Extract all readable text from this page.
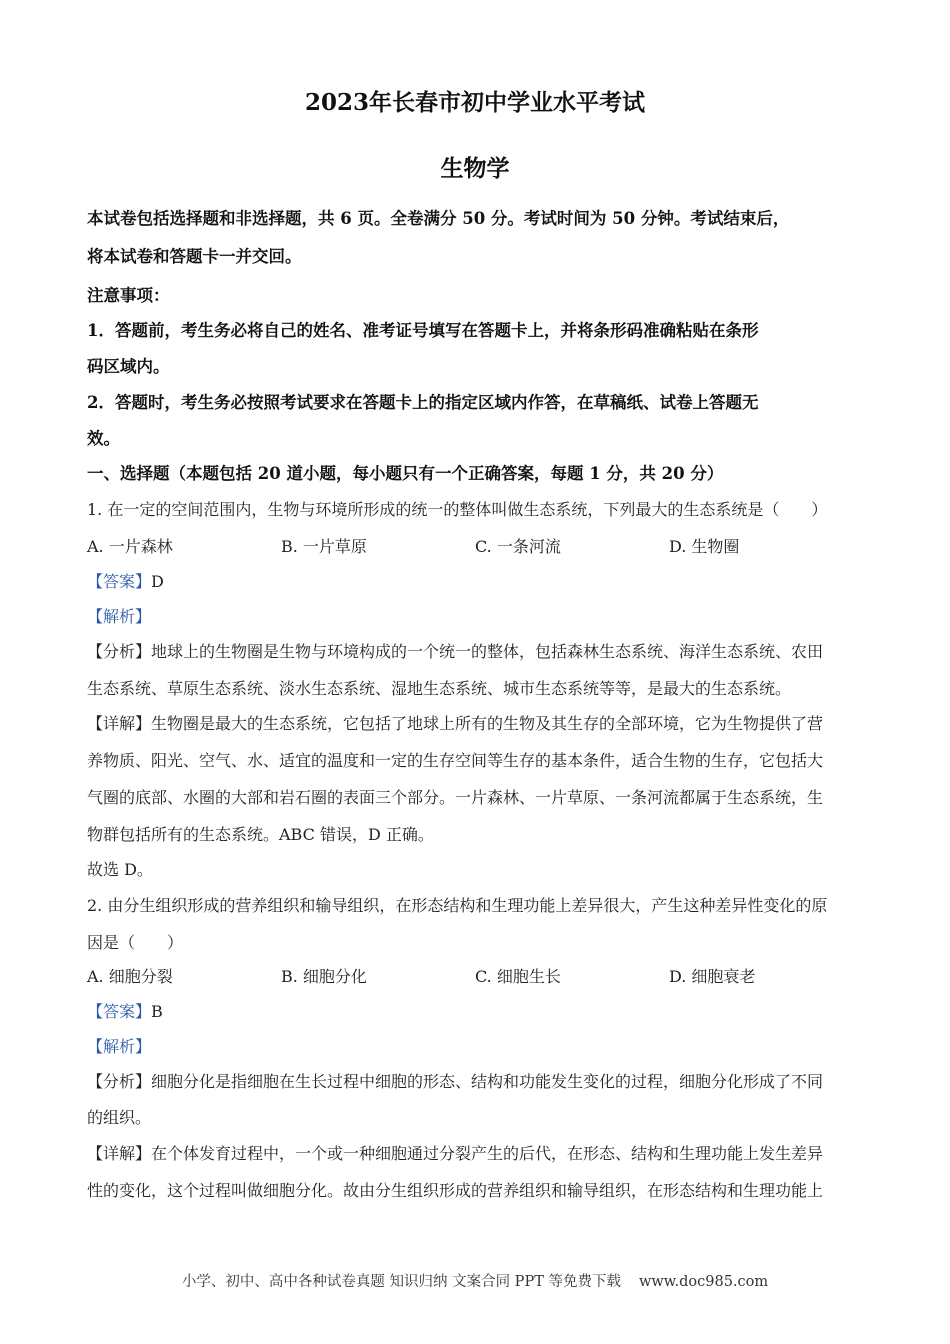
2023年长春市初中学业水平考试
生物学
本试卷包括选择题和非选择题，共 6 页。全卷满分 50 分。考试时间为 50 分钟。考试结束后，
将本试卷和答题卡一并交回。
注意事项：
1．答题前，考生务必将自己的姓名、准考证号填写在答题卡上，并将条形码准确粘贴在条形
码区域内。
2．答题时，考生务必按照考试要求在答题卡上的指定区域内作答，在草稿纸、试卷上答题无
效。
一、选择题（本题包括 20 道小题，每小题只有一个正确答案，每题 1 分，共 20 分）
1. 在一定的空间范围内，生物与环境所形成的统一的整体叫做生态系统，下列最大的生态系统是（　　）
A. 一片森林	B. 一片草原	C. 一条河流	D. 生物圈
【答案】D
【解析】
【分析】地球上的生物圈是生物与环境构成的一个统一的整体，包括森林生态系统、海洋生态系统、农田
生态系统、草原生态系统、淡水生态系统、湿地生态系统、城市生态系统等等，是最大的生态系统。
【详解】生物圈是最大的生态系统，它包括了地球上所有的生物及其生存的全部环境，它为生物提供了营
养物质、阳光、空气、水、适宜的温度和一定的生存空间等生存的基本条件，适合生物的生存，它包括大
气圈的底部、水圈的大部和岩石圈的表面三个部分。一片森林、一片草原、一条河流都属于生态系统，生
物群包括所有的生态系统。ABC 错误，D 正确。
故选 D。
2. 由分生组织形成的营养组织和输导组织，在形态结构和生理功能上差异很大，产生这种差异性变化的原
因是（　　）
A. 细胞分裂	B. 细胞分化	C. 细胞生长	D. 细胞衰老
【答案】B
【解析】
【分析】细胞分化是指细胞在生长过程中细胞的形态、结构和功能发生变化的过程，细胞分化形成了不同
的组织。
【详解】在个体发育过程中，一个或一种细胞通过分裂产生的后代，在形态、结构和生理功能上发生差异
性的变化，这个过程叫做细胞分化。故由分生组织形成的营养组织和输导组织，在形态结构和生理功能上
小学、初中、高中各种试卷真题 知识归纳 文案合同 PPT 等免费下载 www.doc985.com
